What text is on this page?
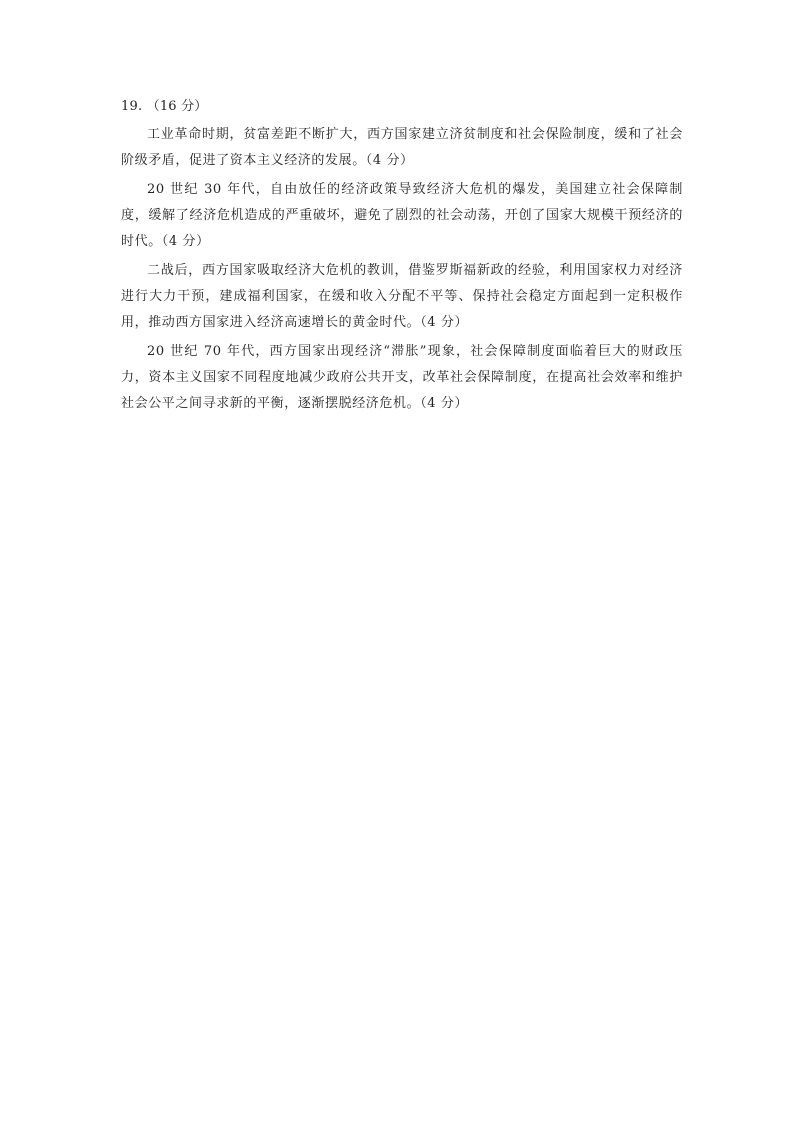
19. （16 分）

工业革命时期，贫富差距不断扩大，西方国家建立济贫制度和社会保险制度，缓和了社会阶级矛盾，促进了资本主义经济的发展。（4 分）

20 世纪 30 年代，自由放任的经济政策导致经济大危机的爆发，美国建立社会保障制度，缓解了经济危机造成的严重破坏，避免了剧烈的社会动荡，开创了国家大规模干预经济的时代。（4 分）

二战后，西方国家吸取经济大危机的教训，借鉴罗斯福新政的经验，利用国家权力对经济进行大力干预，建成福利国家，在缓和收入分配不平等、保持社会稳定方面起到一定积极作用，推动西方国家进入经济高速增长的黄金时代。（4 分）

20 世纪 70 年代，西方国家出现经济“滞胀”现象，社会保障制度面临着巨大的财政压力，资本主义国家不同程度地减少政府公共开支，改革社会保障制度，在提高社会效率和维护社会公平之间寻求新的平衡，逐渐摆脱经济危机。（4 分）
